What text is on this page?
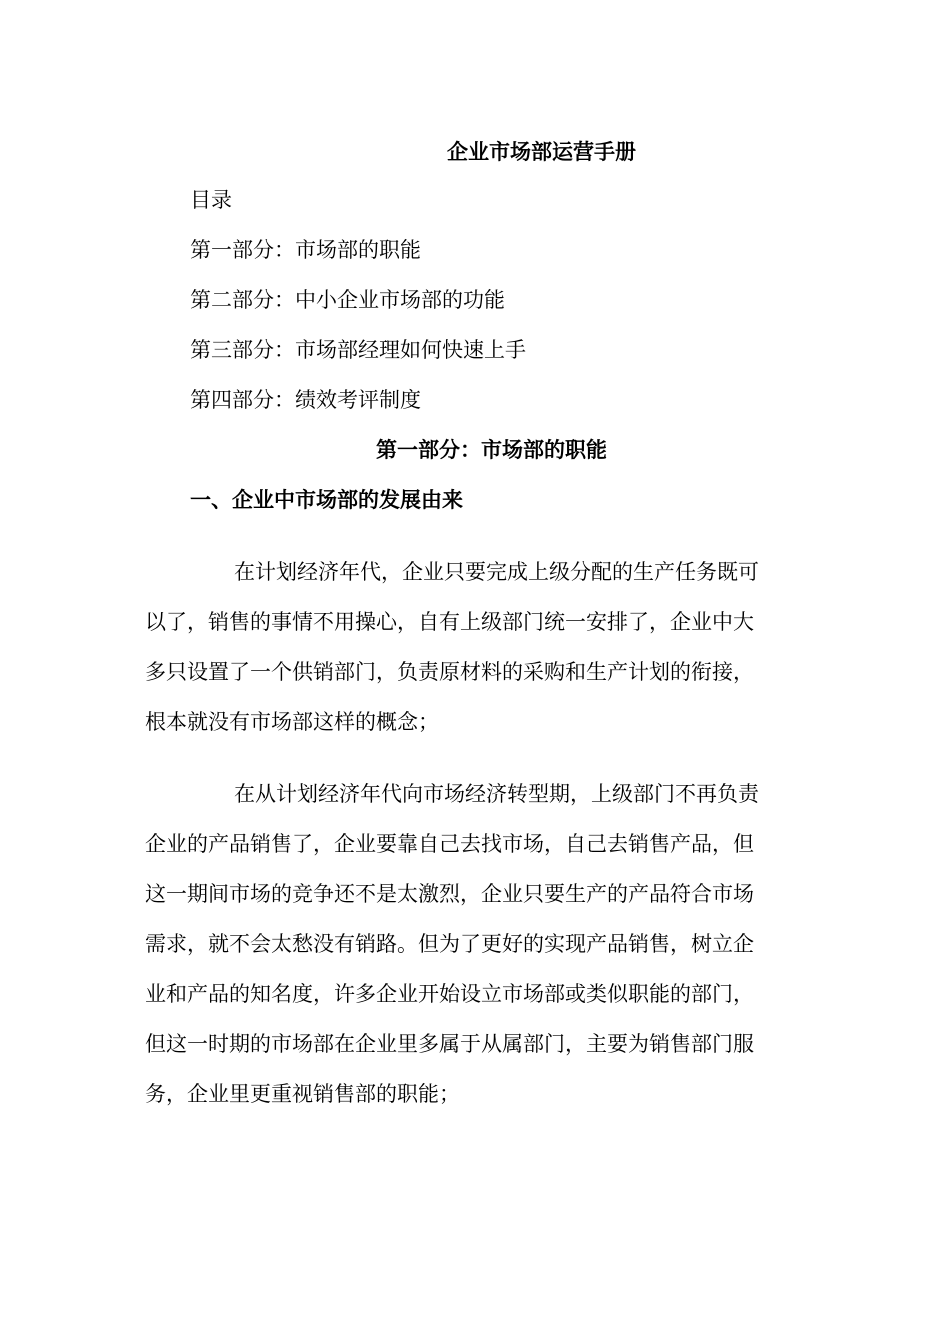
企业市场部运营手册
目录
第一部分：市场部的职能
第二部分：中小企业市场部的功能
第三部分：市场部经理如何快速上手
第四部分：绩效考评制度
第一部分：市场部的职能
一、企业中市场部的发展由来
在计划经济年代，企业只要完成上级分配的生产任务既可
以了，销售的事情不用操心，自有上级部门统一安排了，企业中大
多只设置了一个供销部门，负责原材料的采购和生产计划的衔接，
根本就没有市场部这样的概念；
在从计划经济年代向市场经济转型期，上级部门不再负责
企业的产品销售了，企业要靠自己去找市场，自己去销售产品，但
这一期间市场的竞争还不是太激烈，企业只要生产的产品符合市场
需求，就不会太愁没有销路。但为了更好的实现产品销售，树立企
业和产品的知名度，许多企业开始设立市场部或类似职能的部门，
但这一时期的市场部在企业里多属于从属部门，主要为销售部门服
务，企业里更重视销售部的职能；
